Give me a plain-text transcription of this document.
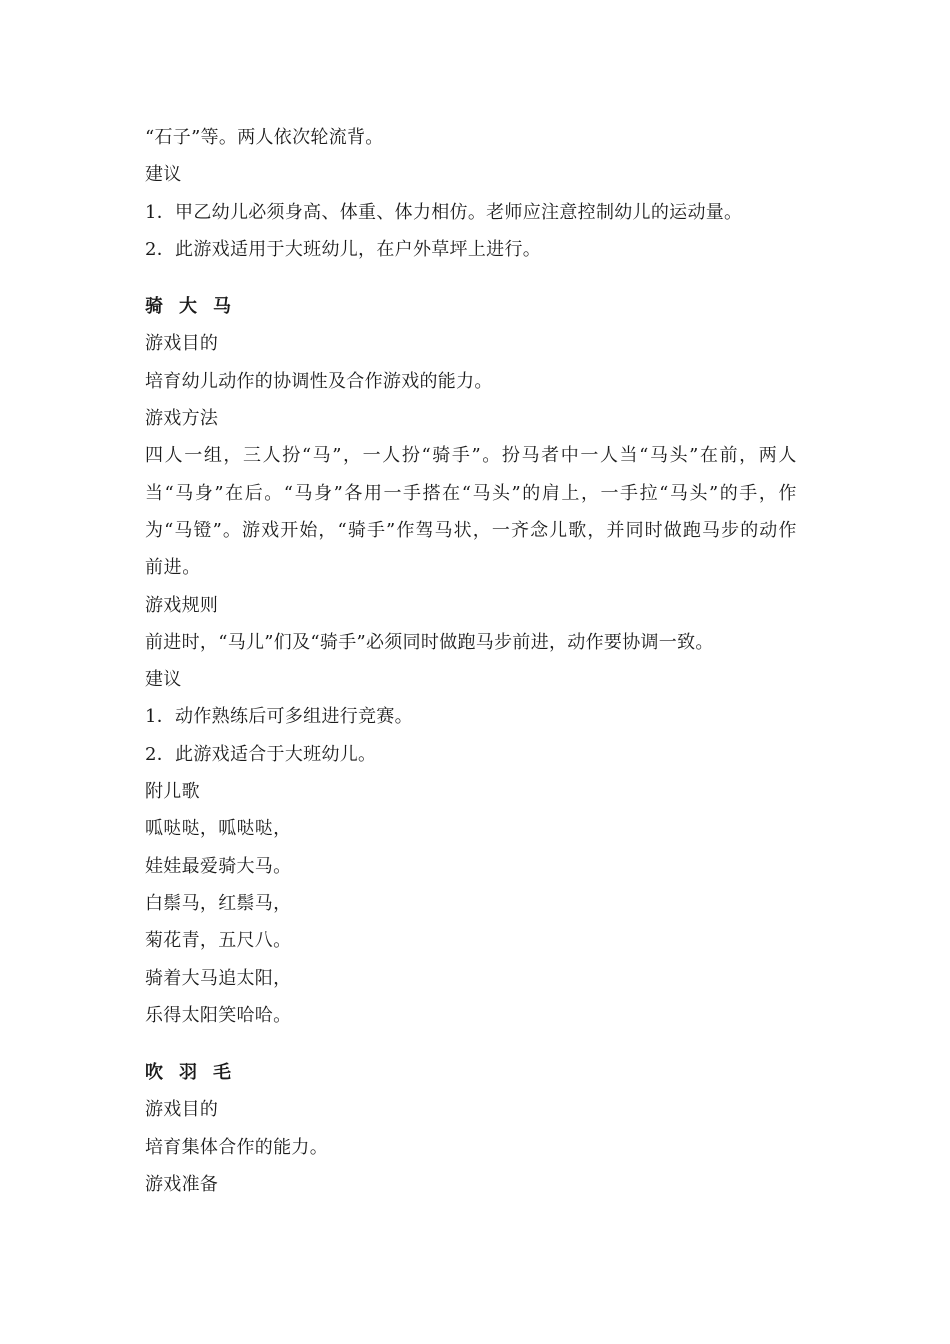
“石子”等。两人依次轮流背。
建议
1．甲乙幼儿必须身高、体重、体力相仿。老师应注意控制幼儿的运动量。
2．此游戏适用于大班幼儿，在户外草坪上进行。
骑大马
游戏目的
培育幼儿动作的协调性及合作游戏的能力。
游戏方法
四人一组，三人扮“马”，一人扮“骑手”。扮马者中一人当“马头”在前，两人当“马身”在后。“马身”各用一手搭在“马头”的肩上，一手拉“马头”的手，作为“马镫”。游戏开始，“骑手”作驾马状，一齐念儿歌，并同时做跑马步的动作前进。
游戏规则
前进时，“马儿”们及“骑手”必须同时做跑马步前进，动作要协调一致。
建议
1．动作熟练后可多组进行竞赛。
2．此游戏适合于大班幼儿。
附儿歌
呱哒哒，呱哒哒，
娃娃最爱骑大马。
白鬃马，红鬃马，
菊花青，五尺八。
骑着大马追太阳，
乐得太阳笑哈哈。
吹羽毛
游戏目的
培育集体合作的能力。
游戏准备
